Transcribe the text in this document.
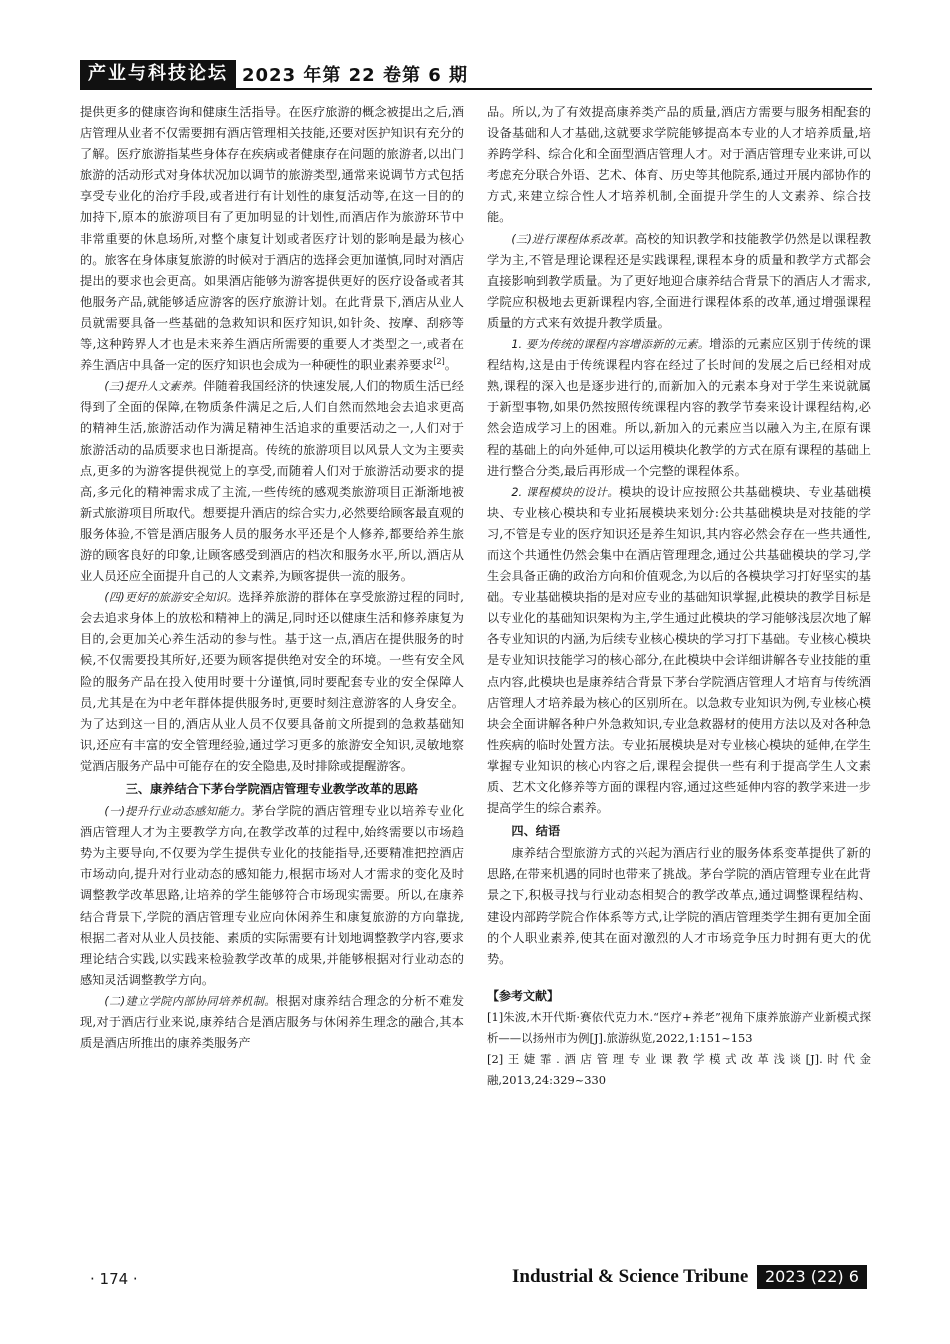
产业与科技论坛 2023 年第 22 卷第 6 期

提供更多的健康咨询和健康生活指导。在医疗旅游的概念被提出之后,酒店管理从业者不仅需要拥有酒店管理相关技能,还要对医护知识有充分的了解。医疗旅游指某些身体存在疾病或者健康存在问题的旅游者,以出门旅游的活动形式对身体状况加以调节的旅游类型,通常来说调节方式包括享受专业化的治疗手段,或者进行有计划性的康复活动等,在这一目的的加持下,原本的旅游项目有了更加明显的计划性,而酒店作为旅游环节中非常重要的休息场所,对整个康复计划或者医疗计划的影响是最为核心的。旅客在身体康复旅游的时候对于酒店的选择会更加谨慎,同时对酒店提出的要求也会更高。如果酒店能够为游客提供更好的医疗设备或者其他服务产品,就能够适应游客的医疗旅游计划。在此背景下,酒店从业人员就需要具备一些基础的急救知识和医疗知识,如针灸、按摩、刮痧等等,这种跨界人才也是未来养生酒店所需要的重要人才类型之一,或者在养生酒店中具备一定的医疗知识也会成为一种硬性的职业素养要求[2]。

(三)提升人文素养。伴随着我国经济的快速发展,人们的物质生活已经得到了全面的保障,在物质条件满足之后,人们自然而然地会去追求更高的精神生活,旅游活动作为满足精神生活追求的重要活动之一,人们对于旅游活动的品质要求也日渐提高。传统的旅游项目以风景人文为主要卖点,更多的为游客提供视觉上的享受,而随着人们对于旅游活动要求的提高,多元化的精神需求成了主流,一些传统的感观类旅游项目正渐渐地被新式旅游项目所取代。想要提升酒店的综合实力,必然要给顾客最直观的服务体验,不管是酒店服务人员的服务水平还是个人修养,都要给养生旅游的顾客良好的印象,让顾客感受到酒店的档次和服务水平,所以,酒店从业人员还应全面提升自己的人文素养,为顾客提供一流的服务。

(四)更好的旅游安全知识。选择养旅游的群体在享受旅游过程的同时,会去追求身体上的放松和精神上的满足,同时还以健康生活和修养康复为目的,会更加关心养生活动的参与性。基于这一点,酒店在提供服务的时候,不仅需要投其所好,还要为顾客提供绝对安全的环境。一些有安全风险的服务产品在投入使用时要十分谨慎,同时要配套专业的安全保障人员,尤其是在为中老年群体提供服务时,更要时刻注意游客的人身安全。为了达到这一目的,酒店从业人员不仅要具备前文所提到的急救基础知识,还应有丰富的安全管理经验,通过学习更多的旅游安全知识,灵敏地察觉酒店服务产品中可能存在的安全隐患,及时排除或提醒游客。

三、康养结合下茅台学院酒店管理专业教学改革的思路

(一)提升行业动态感知能力。茅台学院的酒店管理专业以培养专业化酒店管理人才为主要教学方向,在教学改革的过程中,始终需要以市场趋势为主要导向,不仅要为学生提供专业化的技能指导,还要精准把控酒店市场动向,提升对行业动态的感知能力,根据市场对人才需求的变化及时调整教学改革思路,让培养的学生能够符合市场现实需要。所以,在康养结合背景下,学院的酒店管理专业应向休闲养生和康复旅游的方向靠拢,根据二者对从业人员技能、素质的实际需要有计划地调整教学内容,要求理论结合实践,以实践来检验教学改革的成果,并能够根据对行业动态的感知灵活调整教学方向。

(二)建立学院内部协同培养机制。根据对康养结合理念的分析不难发现,对于酒店行业来说,康养结合是酒店服务与休闲养生理念的融合,其本质是酒店所推出的康养类服务产

品。所以,为了有效提高康养类产品的质量,酒店方需要与服务相配套的设备基础和人才基础,这就要求学院能够提高本专业的人才培养质量,培养跨学科、综合化和全面型酒店管理人才。对于酒店管理专业来讲,可以考虑充分联合外语、艺术、体育、历史等其他院系,通过开展内部协作的方式,来建立综合性人才培养机制,全面提升学生的人文素养、综合技能。

(三)进行课程体系改革。高校的知识教学和技能教学仍然是以课程教学为主,不管是理论课程还是实践课程,课程本身的质量和教学方式都会直接影响到教学质量。为了更好地迎合康养结合背景下的酒店人才需求,学院应积极地去更新课程内容,全面进行课程体系的改革,通过增强课程质量的方式来有效提升教学质量。

1. 要为传统的课程内容增添新的元素。增添的元素应区别于传统的课程结构,这是由于传统课程内容在经过了长时间的发展之后已经相对成熟,课程的深入也是逐步进行的,而新加入的元素本身对于学生来说就属于新型事物,如果仍然按照传统课程内容的教学节奏来设计课程结构,必然会造成学习上的困难。所以,新加入的元素应当以融入为主,在原有课程的基础上的向外延伸,可以运用模块化教学的方式在原有课程的基础上进行整合分类,最后再形成一个完整的课程体系。

2. 课程模块的设计。模块的设计应按照公共基础模块、专业基础模块、专业核心模块和专业拓展模块来划分:公共基础模块是对技能的学习,不管是专业的医疗知识还是养生知识,其内容必然会存在一些共通性,而这个共通性仍然会集中在酒店管理理念,通过公共基础模块的学习,学生会具备正确的政治方向和价值观念,为以后的各模块学习打好坚实的基础。专业基础模块指的是对应专业的基础知识掌握,此模块的教学目标是以专业化的基础知识架构为主,学生通过此模块的学习能够浅层次地了解各专业知识的内涵,为后续专业核心模块的学习打下基础。专业核心模块是专业知识技能学习的核心部分,在此模块中会详细讲解各专业技能的重点内容,此模块也是康养结合背景下茅台学院酒店管理人才培育与传统酒店管理人才培养最为核心的区别所在。以急救专业知识为例,专业核心模块会全面讲解各种户外急救知识,专业急救器材的使用方法以及对各种急性疾病的临时处置方法。专业拓展模块是对专业核心模块的延伸,在学生掌握专业知识的核心内容之后,课程会提供一些有利于提高学生人文素质、艺术文化修养等方面的课程内容,通过这些延伸内容的教学来进一步提高学生的综合素养。

四、结语

康养结合型旅游方式的兴起为酒店行业的服务体系变革提供了新的思路,在带来机遇的同时也带来了挑战。茅台学院的酒店管理专业在此背景之下,积极寻找与行业动态相契合的教学改革点,通过调整课程结构、建设内部跨学院合作体系等方式,让学院的酒店管理类学生拥有更加全面的个人职业素养,使其在面对激烈的人才市场竞争压力时拥有更大的优势。

【参考文献】
[1]朱波,木开代斯·赛依代克力木.“医疗+养老”视角下康养旅游产业新模式探析——以扬州市为例[J].旅游纵览,2022,1:151~153
[2]王婕霏.酒店管理专业课教学模式改革浅谈[J].时代金融,2013,24:329~330
· 174 ·	Industrial & Science Tribune	2023 (22) 6
